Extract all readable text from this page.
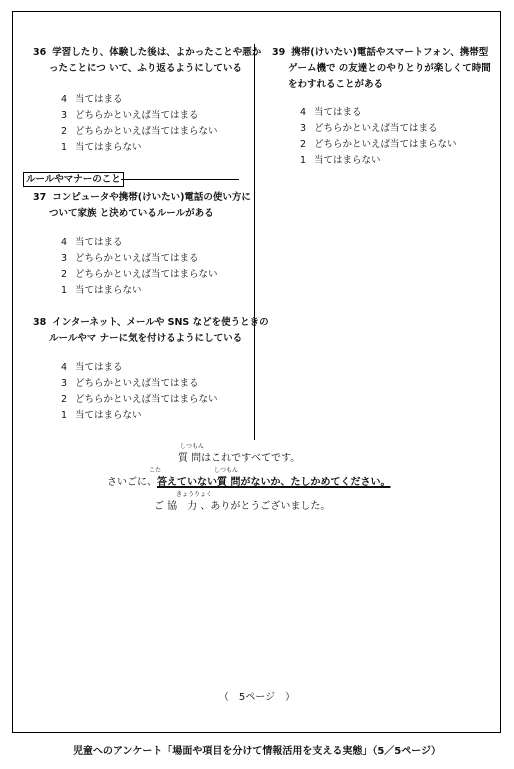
36 学習したり、体験した後は、よかったことや悪か
ったことにつ いて、ふり返るようにしている
4 当てはまる
3 どちらかといえば当てはまる
2 どちらかといえば当てはまらない
1 当てはまらない
ルールやマナーのこと
37 コンピュータや携帯(けいたい)電話の使い方に
ついて家族 と決めているルールがある
4 当てはまる
3 どちらかといえば当てはまる
2 どちらかといえば当てはまらない
1 当てはまらない
38 インターネット、メールや SNS などを使うときの
ルールやマ ナーに気を付けるようにしている
4 当てはまる
3 どちらかといえば当てはまる
2 どちらかといえば当てはまらない
1 当てはまらない
39 携帯(けいたい)電話やスマートフォン、携帯型
ゲーム機で の友達とのやりとりが楽しくて時間
をわすれることがある
4 当てはまる
3 どちらかといえば当てはまる
2 どちらかといえば当てはまらない
1 当てはまらない
しつもん
質 問はこれですべてです。
こた	しつもん
さいごに、答えていない質 問がないか、たしかめてください。
きょうりょく
ご 協　力 、ありがとうございました。
（　5ページ　）
児童へのアンケート「場面や項目を分けて情報活用を支える実態」（5／5ページ）
